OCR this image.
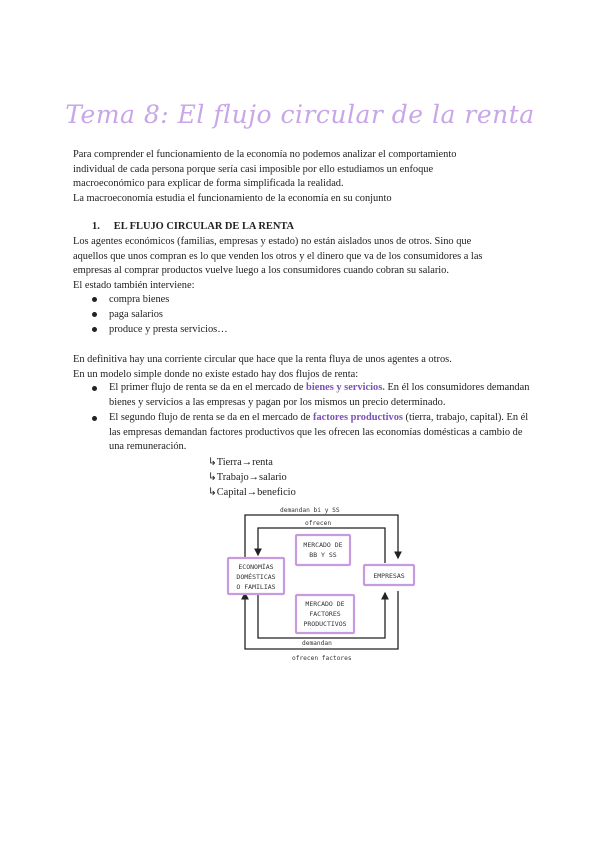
Tema 8: El flujo circular de la renta
Para comprender el funcionamiento de la economía no podemos analizar el comportamiento
individual de cada persona porque sería casi imposible por ello estudiamos un enfoque
macroeconómico para explicar de forma simplificada la realidad.
La macroeconomía estudia el funcionamiento de la economía en su conjunto
1. EL FLUJO CIRCULAR DE LA RENTA
Los agentes económicos (familias, empresas y estado) no están aislados unos de otros. Sino que
aquellos que unos compran es lo que venden los otros y el dinero que va de los consumidores a las
empresas al comprar productos vuelve luego a los consumidores cuando cobran su salario.
El estado también interviene:
compra bienes
paga salarios
produce y presta servicios…
En definitiva hay una corriente circular que hace que la renta fluya de unos agentes a otros.
En un modelo simple donde no existe estado hay dos flujos de renta:
El primer flujo de renta se da en el mercado de bienes y servicios. En él los consumidores demandan bienes y servicios a las empresas y pagan por los mismos un precio determinado.
El segundo flujo de renta se da en el mercado de factores productivos (tierra, trabajo, capital). En él las empresas demandan factores productivos que les ofrecen las economías domésticas a cambio de una remuneración.
↳Tierra→renta
↳Trabajo→salario
↳Capital→beneficio
demandan bi y SS
ofrecen
demandan
ofrecen factores
ECONOMÍAS
DOMÉSTICAS
O FAMILIAS
EMPRESAS
MERCADO DE
BB Y SS
MERCADO DE
FACTORES
PRODUCTIVOS
